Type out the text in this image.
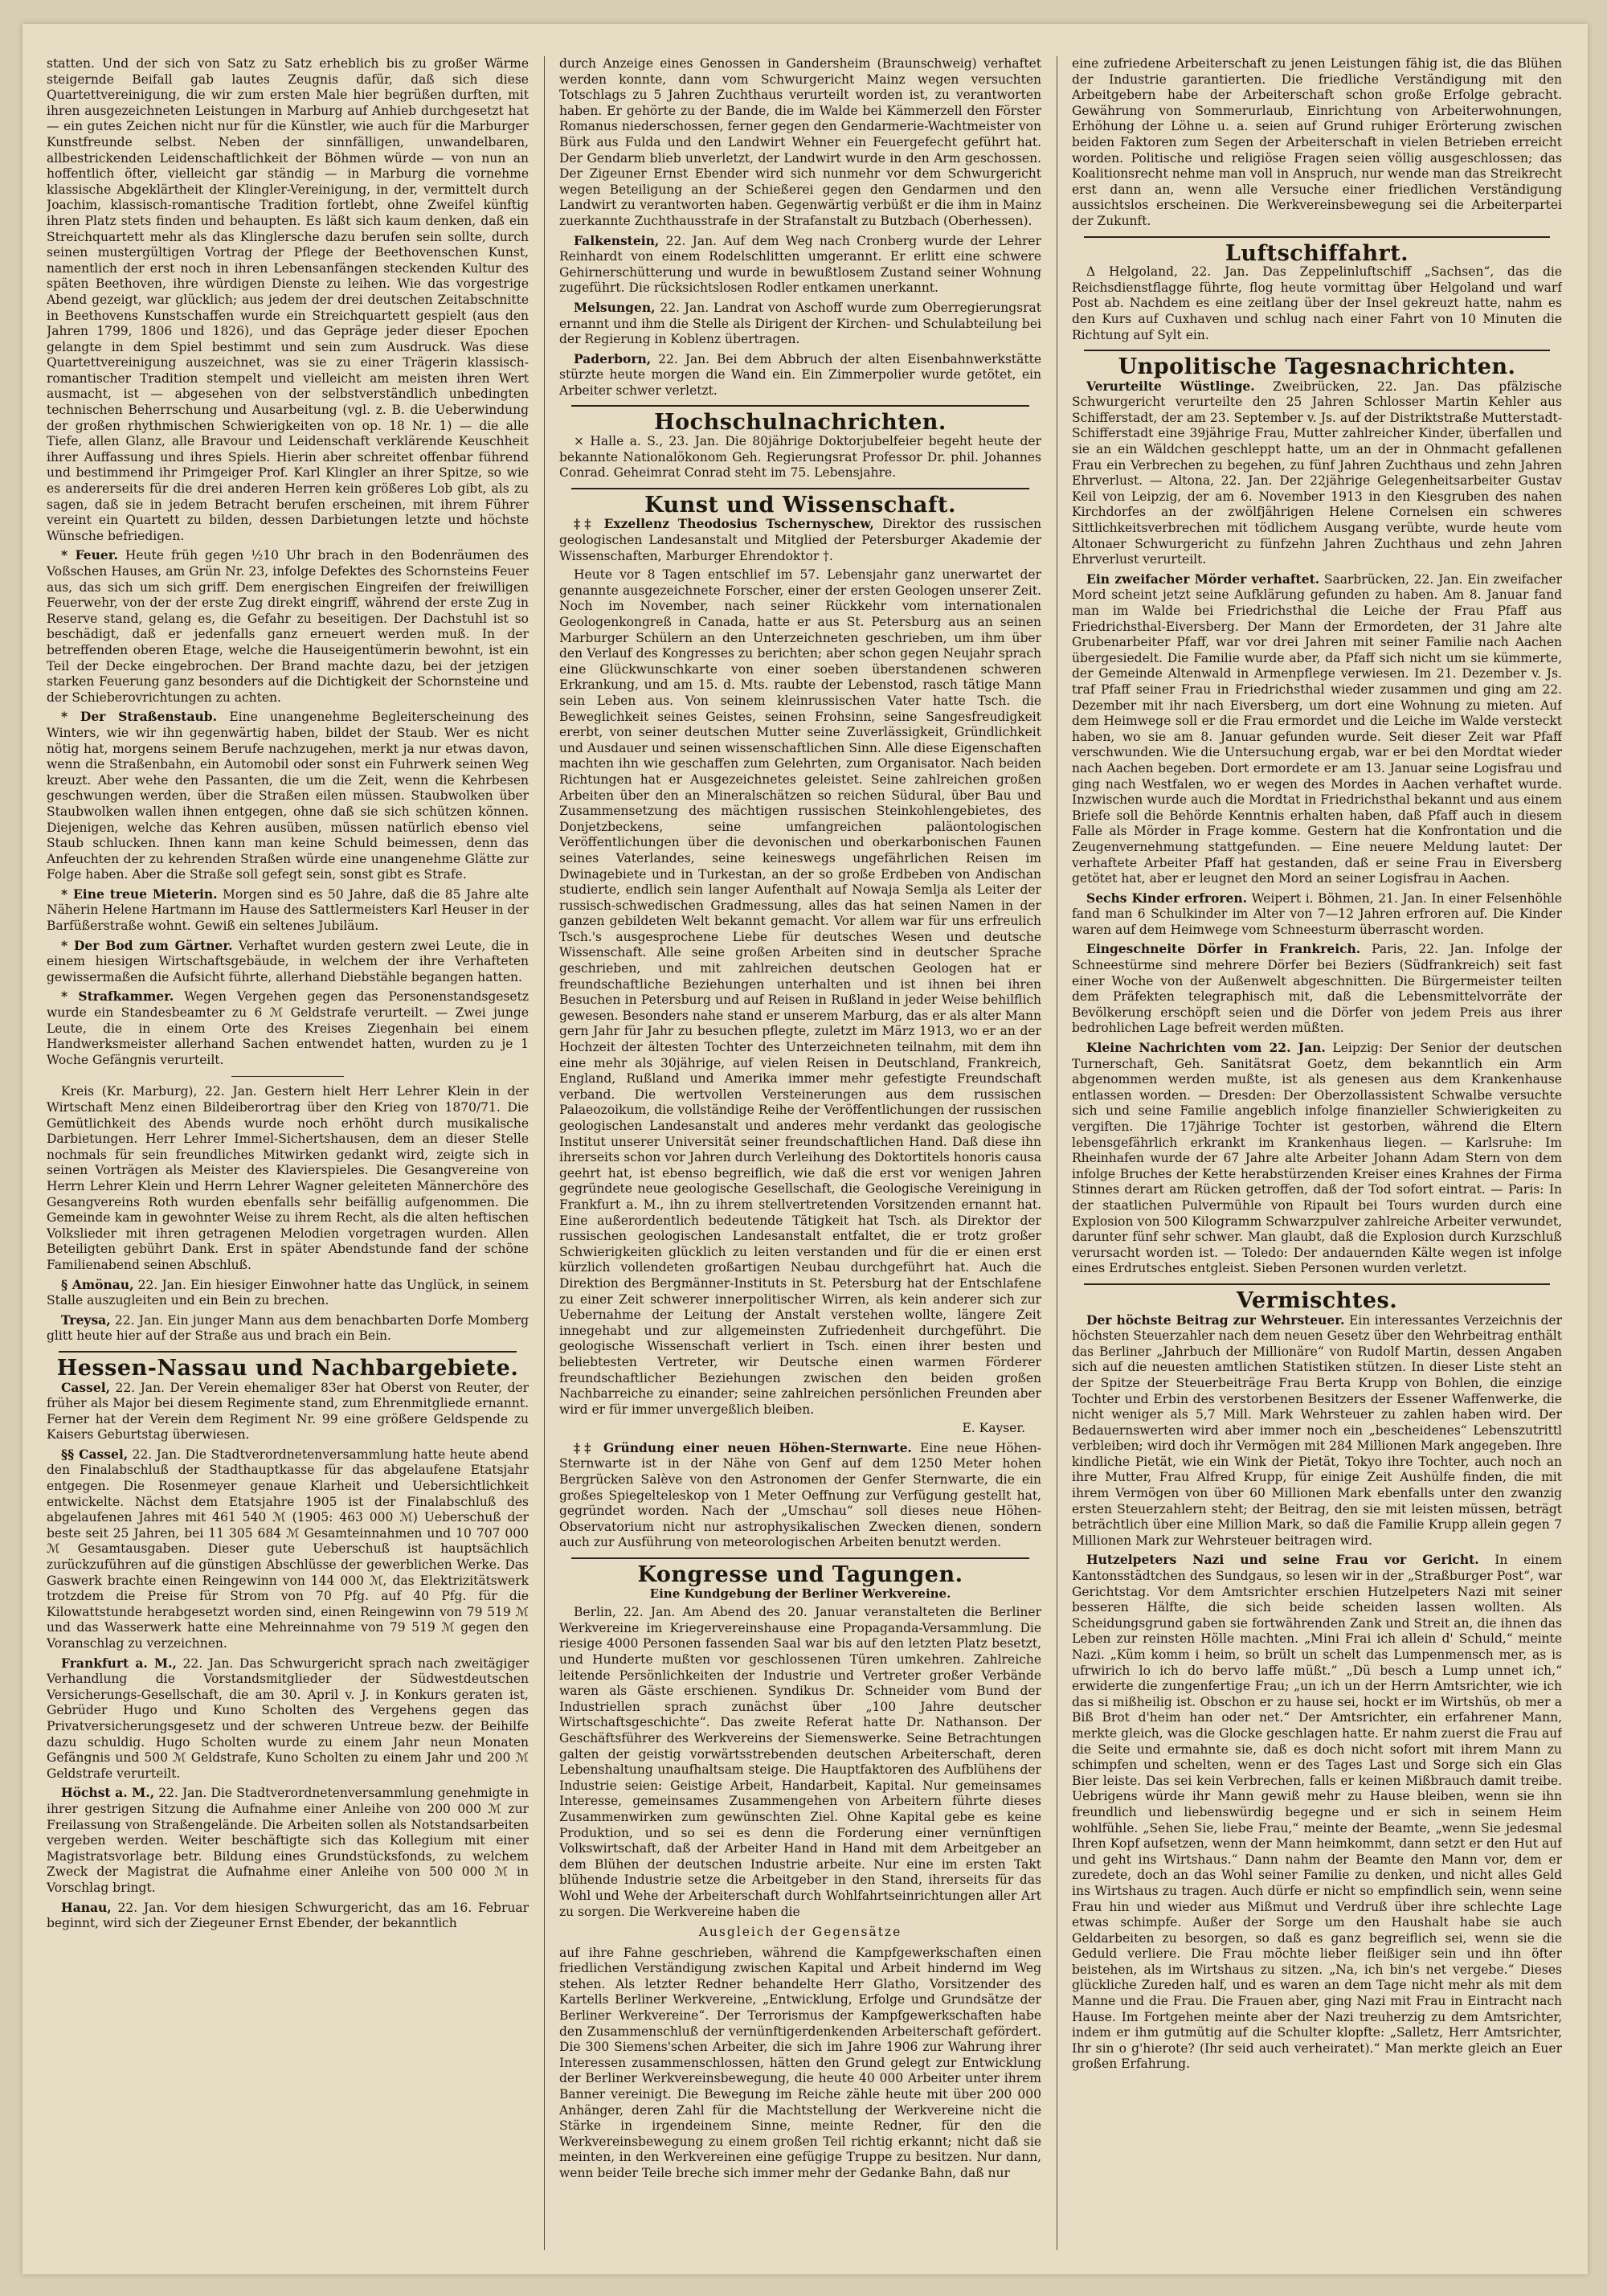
statten. Und der sich von Satz zu Satz erheblich bis zu großer Wärme steigernde Beifall gab lautes Zeugnis dafür, daß sich diese Quartettvereinigung, die wir zum ersten Male hier begrüßen durften, mit ihren ausgezeichneten Leistungen in Marburg auf Anhieb durchgesetzt hat — ein gutes Zeichen nicht nur für die Künstler, wie auch für die Marburger Kunstfreunde selbst. Neben der sinnfälligen, unwandelbaren, allbestrickenden Leidenschaftlichkeit der Böhmen würde — von nun an hoffentlich öfter, vielleicht gar ständig — in Marburg die vornehme klassische Abgeklärtheit der Klingler-Vereinigung, in der, vermittelt durch Joachim, klassisch-romantische Tradition fortlebt, ohne Zweifel künftig ihren Platz stets finden und behaupten. Es läßt sich kaum denken, daß ein Streichquartett mehr als das Klinglersche dazu berufen sein sollte, durch seinen mustergültigen Vortrag der Pflege der Beethovenschen Kunst, namentlich der erst noch in ihren Lebensanfängen steckenden Kultur des späten Beethoven, ihre würdigen Dienste zu leihen. Wie das vorgestrige Abend gezeigt, war glücklich; aus jedem der drei deutschen Zeitabschnitte in Beethovens Kunstschaffen wurde ein Streichquartett gespielt (aus den Jahren 1799, 1806 und 1826), und das Gepräge jeder dieser Epochen gelangte in dem Spiel bestimmt und sein zum Ausdruck. Was diese Quartettvereinigung auszeichnet, was sie zu einer Trägerin klassisch-romantischer Tradition stempelt und vielleicht am meisten ihren Wert ausmacht, ist — abgesehen von der selbstverständlich unbedingten technischen Beherrschung und Ausarbeitung (vgl. z. B. die Ueberwindung der großen rhythmischen Schwierigkeiten von op. 18 Nr. 1) — die alle Tiefe, allen Glanz, alle Bravour und Leidenschaft verklärende Keuschheit ihrer Auffassung und ihres Spiels. Hierin aber schreitet offenbar führend und bestimmend ihr Primgeiger Prof. Karl Klingler an ihrer Spitze, so wie es andererseits für die drei anderen Herren kein größeres Lob gibt, als zu sagen, daß sie in jedem Betracht berufen erscheinen, mit ihrem Führer vereint ein Quartett zu bilden, dessen Darbietungen letzte und höchste Wünsche befriedigen.

* Feuer. Heute früh gegen ½10 Uhr brach in den Bodenräumen des Voßschen Hauses, am Grün Nr. 23, infolge Defektes des Schornsteins Feuer aus, das sich um sich griff. Dem energischen Eingreifen der freiwilligen Feuerwehr, von der der erste Zug direkt eingriff, während der erste Zug in Reserve stand, gelang es, die Gefahr zu beseitigen. Der Dachstuhl ist so beschädigt, daß er jedenfalls ganz erneuert werden muß. In der betreffenden oberen Etage, welche die Hauseigentümerin bewohnt, ist ein Teil der Decke eingebrochen. Der Brand machte dazu, bei der jetzigen starken Feuerung ganz besonders auf die Dichtigkeit der Schornsteine und der Schieberovrichtungen zu achten.

* Der Straßenstaub. Eine unangenehme Begleiterscheinung des Winters, wie wir ihn gegenwärtig haben, bildet der Staub. Wer es nicht nötig hat, morgens seinem Berufe nachzugehen, merkt ja nur etwas davon, wenn die Straßenbahn, ein Automobil oder sonst ein Fuhrwerk seinen Weg kreuzt. Aber wehe den Passanten, die um die Zeit, wenn die Kehrbesen geschwungen werden, über die Straßen eilen müssen. Staubwolken über Staubwolken wallen ihnen entgegen, ohne daß sie sich schützen können. Diejenigen, welche das Kehren ausüben, müssen natürlich ebenso viel Staub schlucken. Ihnen kann man keine Schuld beimessen, denn das Anfeuchten der zu kehrenden Straßen würde eine unangenehme Glätte zur Folge haben. Aber die Straße soll gefegt sein, sonst gibt es Strafe.

* Eine treue Mieterin. Morgen sind es 50 Jahre, daß die 85 Jahre alte Näherin Helene Hartmann im Hause des Sattlermeisters Karl Heuser in der Barfüßerstraße wohnt. Gewiß ein seltenes Jubiläum.

* Der Bod zum Gärtner. Verhaftet wurden gestern zwei Leute, die in einem hiesigen Wirtschaftsgebäude, in welchem der ihre Verhafteten gewissermaßen die Aufsicht führte, allerhand Diebstähle begangen hatten.

* Strafkammer. Wegen Vergehen gegen das Personenstandsgesetz wurde ein Standesbeamter zu 6 ℳ Geldstrafe verurteilt. — Zwei junge Leute, die in einem Orte des Kreises Ziegenhain bei einem Handwerksmeister allerhand Sachen entwendet hatten, wurden zu je 1 Woche Gefängnis verurteilt.

Kreis (Kr. Marburg), 22. Jan. Gestern hielt Herr Lehrer Klein in der Wirtschaft Menz einen Bildeiberortrag über den Krieg von 1870/71. Die Gemütlichkeit des Abends wurde noch erhöht durch musikalische Darbietungen. Herr Lehrer Immel-Sichertshausen, dem an dieser Stelle nochmals für sein freundliches Mitwirken gedankt wird, zeigte sich in seinen Vorträgen als Meister des Klavierspieles. Die Gesangvereine von Herrn Lehrer Klein und Herrn Lehrer Wagner geleiteten Männerchöre des Gesangvereins Roth wurden ebenfalls sehr beifällig aufgenommen. Die Gemeinde kam in gewohnter Weise zu ihrem Recht, als die alten heftischen Volkslieder mit ihren getragenen Melodien vorgetragen wurden. Allen Beteiligten gebührt Dank. Erst in später Abendstunde fand der schöne Familienabend seinen Abschluß.

§ Amönau, 22. Jan. Ein hiesiger Einwohner hatte das Unglück, in seinem Stalle auszugleiten und ein Bein zu brechen.

Treysa, 22. Jan. Ein junger Mann aus dem benachbarten Dorfe Momberg glitt heute hier auf der Straße aus und brach ein Bein.

Hessen-Nassau und Nachbargebiete.

Cassel, 22. Jan. Der Verein ehemaliger 83er hat Oberst von Reuter, der früher als Major bei diesem Regimente stand, zum Ehrenmitgliede ernannt. Ferner hat der Verein dem Regiment Nr. 99 eine größere Geldspende zu Kaisers Geburtstag überwiesen.

§§ Cassel, 22. Jan. Die Stadtverordnetenversammlung hatte heute abend den Finalabschluß der Stadthauptkasse für das abgelaufene Etatsjahr entgegen. Die Rosenmeyer genaue Klarheit und Uebersichtlichkeit entwickelte. Nächst dem Etatsjahre 1905 ist der Finalabschluß des abgelaufenen Jahres mit 461 540 ℳ (1905: 463 000 ℳ) Ueberschuß der beste seit 25 Jahren, bei 11 305 684 ℳ Gesamteinnahmen und 10 707 000 ℳ Gesamtausgaben. Dieser gute Ueberschuß ist hauptsächlich zurückzuführen auf die günstigen Abschlüsse der gewerblichen Werke. Das Gaswerk brachte einen Reingewinn von 144 000 ℳ, das Elektrizitätswerk trotzdem die Preise für Strom von 70 Pfg. auf 40 Pfg. für die Kilowattstunde herabgesetzt worden sind, einen Reingewinn von 79 519 ℳ und das Wasserwerk hatte eine Mehreinnahme von 79 519 ℳ gegen den Voranschlag zu verzeichnen.

Frankfurt a. M., 22. Jan. Das Schwurgericht sprach nach zweitägiger Verhandlung die Vorstandsmitglieder der Südwestdeutschen Versicherungs-Gesellschaft, die am 30. April v. J. in Konkurs geraten ist, Gebrüder Hugo und Kuno Scholten des Vergehens gegen das Privatversicherungsgesetz und der schweren Untreue bezw. der Beihilfe dazu schuldig. Hugo Scholten wurde zu einem Jahr neun Monaten Gefängnis und 500 ℳ Geldstrafe, Kuno Scholten zu einem Jahr und 200 ℳ Geldstrafe verurteilt.

Höchst a. M., 22. Jan. Die Stadtverordnetenversammlung genehmigte in ihrer gestrigen Sitzung die Aufnahme einer Anleihe von 200 000 ℳ zur Freilassung von Straßengelände. Die Arbeiten sollen als Notstandsarbeiten vergeben werden. Weiter beschäftigte sich das Kollegium mit einer Magistratsvorlage betr. Bildung eines Grundstücksfonds, zu welchem Zweck der Magistrat die Aufnahme einer Anleihe von 500 000 ℳ in Vorschlag bringt.

Hanau, 22. Jan. Vor dem hiesigen Schwurgericht, das am 16. Februar beginnt, wird sich der Ziegeuner Ernst Ebender, der bekanntlich

durch Anzeige eines Genossen in Gandersheim (Braunschweig) verhaftet werden konnte, dann vom Schwurgericht Mainz wegen versuchten Totschlags zu 5 Jahren Zuchthaus verurteilt worden ist, zu verantworten haben. Er gehörte zu der Bande, die im Walde bei Kämmerzell den Förster Romanus niederschossen, ferner gegen den Gendarmerie-Wachtmeister von Bürk aus Fulda und den Landwirt Wehner ein Feuergefecht geführt hat. Der Gendarm blieb unverletzt, der Landwirt wurde in den Arm geschossen. Der Zigeuner Ernst Ebender wird sich nunmehr vor dem Schwurgericht wegen Beteiligung an der Schießerei gegen den Gendarmen und den Landwirt zu verantworten haben. Gegenwärtig verbüßt er die ihm in Mainz zuerkannte Zuchthausstrafe in der Strafanstalt zu Butzbach (Oberhessen).

Falkenstein, 22. Jan. Auf dem Weg nach Cronberg wurde der Lehrer Reinhardt von einem Rodelschlitten umgerannt. Er erlitt eine schwere Gehirnerschütterung und wurde in bewußtlosem Zustand seiner Wohnung zugeführt. Die rücksichtslosen Rodler entkamen unerkannt.

Melsungen, 22. Jan. Landrat von Aschoff wurde zum Oberregierungsrat ernannt und ihm die Stelle als Dirigent der Kirchen- und Schulabteilung bei der Regierung in Koblenz übertragen.

Paderborn, 22. Jan. Bei dem Abbruch der alten Eisenbahnwerkstätte stürzte heute morgen die Wand ein. Ein Zimmerpolier wurde getötet, ein Arbeiter schwer verletzt.

Hochschulnachrichten.

× Halle a. S., 23. Jan. Die 80jährige Doktorjubelfeier begeht heute der bekannte Nationalökonom Geh. Regierungsrat Professor Dr. phil. Johannes Conrad. Geheimrat Conrad steht im 75. Lebensjahre.

Kunst und Wissenschaft.

‡‡ Exzellenz Theodosius Tschernyschew, Direktor des russischen geologischen Landesanstalt und Mitglied der Petersburger Akademie der Wissenschaften, Marburger Ehrendoktor †.

Heute vor 8 Tagen entschlief im 57. Lebensjahr ganz unerwartet der genannte ausgezeichnete Forscher, einer der ersten Geologen unserer Zeit. Noch im November, nach seiner Rückkehr vom internationalen Geologenkongreß in Canada, hatte er aus St. Petersburg aus an seinen Marburger Schülern an den Unterzeichneten geschrieben, um ihm über den Verlauf des Kongresses zu berichten; aber schon gegen Neujahr sprach eine Glückwunschkarte von einer soeben überstandenen schweren Erkrankung, und am 15. d. Mts. raubte der Lebenstod, rasch tätige Mann sein Leben aus. Von seinem kleinrussischen Vater hatte Tsch. die Beweglichkeit seines Geistes, seinen Frohsinn, seine Sangesfreudigkeit ererbt, von seiner deutschen Mutter seine Zuverlässigkeit, Gründlichkeit und Ausdauer und seinen wissenschaftlichen Sinn. Alle diese Eigenschaften machten ihn wie geschaffen zum Gelehrten, zum Organisator. Nach beiden Richtungen hat er Ausgezeichnetes geleistet. Seine zahlreichen großen Arbeiten über den an Mineralschätzen so reichen Südural, über Bau und Zusammensetzung des mächtigen russischen Steinkohlengebietes, des Donjetzbeckens, seine umfangreichen paläontologischen Veröffentlichungen über die devonischen und oberkarbonischen Faunen seines Vaterlandes, seine keineswegs ungefährlichen Reisen im Dwinagebiete und in Turkestan, an der so große Erdbeben von Andischan studierte, endlich sein langer Aufenthalt auf Nowaja Semlja als Leiter der russisch-schwedischen Gradmessung, alles das hat seinen Namen in der ganzen gebildeten Welt bekannt gemacht. Vor allem war für uns erfreulich Tsch.'s ausgesprochene Liebe für deutsches Wesen und deutsche Wissenschaft. Alle seine großen Arbeiten sind in deutscher Sprache geschrieben, und mit zahlreichen deutschen Geologen hat er freundschaftliche Beziehungen unterhalten und ist ihnen bei ihren Besuchen in Petersburg und auf Reisen in Rußland in jeder Weise behilflich gewesen. Besonders nahe stand er unserem Marburg, das er als alter Mann gern Jahr für Jahr zu besuchen pflegte, zuletzt im März 1913, wo er an der Hochzeit der ältesten Tochter des Unterzeichneten teilnahm, mit dem ihn eine mehr als 30jährige, auf vielen Reisen in Deutschland, Frankreich, England, Rußland und Amerika immer mehr gefestigte Freundschaft verband. Die wertvollen Versteinerungen aus dem russischen Palaeozoikum, die vollständige Reihe der Veröffentlichungen der russischen geologischen Landesanstalt und anderes mehr verdankt das geologische Institut unserer Universität seiner freundschaftlichen Hand. Daß diese ihn ihrerseits schon vor Jahren durch Verleihung des Doktortitels honoris causa geehrt hat, ist ebenso begreiflich, wie daß die erst vor wenigen Jahren gegründete neue geologische Gesellschaft, die Geologische Vereinigung in Frankfurt a. M., ihn zu ihrem stellvertretenden Vorsitzenden ernannt hat. Eine außerordentlich bedeutende Tätigkeit hat Tsch. als Direktor der russischen geologischen Landesanstalt entfaltet, die er trotz großer Schwierigkeiten glücklich zu leiten verstanden und für die er einen erst kürzlich vollendeten großartigen Neubau durchgeführt hat. Auch die Direktion des Bergmänner-Instituts in St. Petersburg hat der Entschlafene zu einer Zeit schwerer innerpolitischer Wirren, als kein anderer sich zur Uebernahme der Leitung der Anstalt verstehen wollte, längere Zeit innegehabt und zur allgemeinsten Zufriedenheit durchgeführt. Die geologische Wissenschaft verliert in Tsch. einen ihrer besten und beliebtesten Vertreter, wir Deutsche einen warmen Förderer freundschaftlicher Beziehungen zwischen den beiden großen Nachbarreiche zu einander; seine zahlreichen persönlichen Freunden aber wird er für immer unvergeßlich bleiben.

E. Kayser.

‡‡ Gründung einer neuen Höhen-Sternwarte. Eine neue Höhen-Sternwarte ist in der Nähe von Genf auf dem 1250 Meter hohen Bergrücken Salève von den Astronomen der Genfer Sternwarte, die ein großes Spiegelteleskop von 1 Meter Oeffnung zur Verfügung gestellt hat, gegründet worden. Nach der „Umschau“ soll dieses neue Höhen-Observatorium nicht nur astrophysikalischen Zwecken dienen, sondern auch zur Ausführung von meteorologischen Arbeiten benutzt werden.

Kongresse und Tagungen.
Eine Kundgebung der Berliner Werkvereine.

Berlin, 22. Jan. Am Abend des 20. Januar veranstalteten die Berliner Werkvereine im Kriegervereinshause eine Propaganda-Versammlung. Die riesige 4000 Personen fassenden Saal war bis auf den letzten Platz besetzt, und Hunderte mußten vor geschlossenen Türen umkehren. Zahlreiche leitende Persönlichkeiten der Industrie und Vertreter großer Verbände waren als Gäste erschienen. Syndikus Dr. Schneider vom Bund der Industriellen sprach zunächst über „100 Jahre deutscher Wirtschaftsgeschichte“. Das zweite Referat hatte Dr. Nathanson. Der Geschäftsführer des Werkvereins der Siemenswerke. Seine Betrachtungen galten der geistig vorwärtsstrebenden deutschen Arbeiterschaft, deren Lebenshaltung unaufhaltsam steige. Die Hauptfaktoren des Aufblühens der Industrie seien: Geistige Arbeit, Handarbeit, Kapital. Nur gemeinsames Interesse, gemeinsames Zusammengehen von Arbeitern führte dieses Zusammenwirken zum gewünschten Ziel. Ohne Kapital gebe es keine Produktion, und so sei es denn die Forderung einer vernünftigen Volkswirtschaft, daß der Arbeiter Hand in Hand mit dem Arbeitgeber an dem Blühen der deutschen Industrie arbeite. Nur eine im ersten Takt blühende Industrie setze die Arbeitgeber in den Stand, ihrerseits für das Wohl und Wehe der Arbeiterschaft durch Wohlfahrtseinrichtungen aller Art zu sorgen. Die Werkvereine haben die

Ausgleich der Gegensätze

auf ihre Fahne geschrieben, während die Kampfgewerkschaften einen friedlichen Verständigung zwischen Kapital und Arbeit hindernd im Weg stehen. Als letzter Redner behandelte Herr Glatho, Vorsitzender des Kartells Berliner Werkvereine, „Entwicklung, Erfolge und Grundsätze der Berliner Werkvereine“. Der Terrorismus der Kampfgewerkschaften habe den Zusammenschluß der vernünftigerdenkenden Arbeiterschaft gefördert. Die 300 Siemens'schen Arbeiter, die sich im Jahre 1906 zur Wahrung ihrer Interessen zusammenschlossen, hätten den Grund gelegt zur Entwicklung der Berliner Werkvereinsbewegung, die heute 40 000 Arbeiter unter ihrem Banner vereinigt. Die Bewegung im Reiche zähle heute mit über 200 000 Anhänger, deren Zahl für die Machtstellung der Werkvereine nicht die Stärke in irgendeinem Sinne, meinte Redner, für den die Werkvereinsbewegung zu einem großen Teil richtig erkannt; nicht daß sie meinten, in den Werkvereinen eine gefügige Truppe zu besitzen. Nur dann, wenn beider Teile breche sich immer mehr der Gedanke Bahn, daß nur

eine zufriedene Arbeiterschaft zu jenen Leistungen fähig ist, die das Blühen der Industrie garantierten. Die friedliche Verständigung mit den Arbeitgebern habe der Arbeiterschaft schon große Erfolge gebracht. Gewährung von Sommerurlaub, Einrichtung von Arbeiterwohnungen, Erhöhung der Löhne u. a. seien auf Grund ruhiger Erörterung zwischen beiden Faktoren zum Segen der Arbeiterschaft in vielen Betrieben erreicht worden. Politische und religiöse Fragen seien völlig ausgeschlossen; das Koalitionsrecht nehme man voll in Anspruch, nur wende man das Streikrecht erst dann an, wenn alle Versuche einer friedlichen Verständigung aussichtslos erscheinen. Die Werkvereinsbewegung sei die Arbeiterpartei der Zukunft.

Luftschiffahrt.

Δ Helgoland, 22. Jan. Das Zeppelinluftschiff „Sachsen“, das die Reichsdienstflagge führte, flog heute vormittag über Helgoland und warf Post ab. Nachdem es eine zeitlang über der Insel gekreuzt hatte, nahm es den Kurs auf Cuxhaven und schlug nach einer Fahrt von 10 Minuten die Richtung auf Sylt ein.

Unpolitische Tagesnachrichten.

Verurteilte Wüstlinge. Zweibrücken, 22. Jan. Das pfälzische Schwurgericht verurteilte den 25 Jahren Schlosser Martin Kehler aus Schifferstadt, der am 23. September v. Js. auf der Distriktstraße Mutterstadt-Schifferstadt eine 39jährige Frau, Mutter zahlreicher Kinder, überfallen und sie an ein Wäldchen geschleppt hatte, um an der in Ohnmacht gefallenen Frau ein Verbrechen zu begehen, zu fünf Jahren Zuchthaus und zehn Jahren Ehrverlust. — Altona, 22. Jan. Der 22jährige Gelegenheitsarbeiter Gustav Keil von Leipzig, der am 6. November 1913 in den Kiesgruben des nahen Kirchdorfes an der zwölfjährigen Helene Cornelsen ein schweres Sittlichkeitsverbrechen mit tödlichem Ausgang verübte, wurde heute vom Altonaer Schwurgericht zu fünfzehn Jahren Zuchthaus und zehn Jahren Ehrverlust verurteilt.

Ein zweifacher Mörder verhaftet. Saarbrücken, 22. Jan. Ein zweifacher Mord scheint jetzt seine Aufklärung gefunden zu haben. Am 8. Januar fand man im Walde bei Friedrichsthal die Leiche der Frau Pfaff aus Friedrichsthal-Eiversberg. Der Mann der Ermordeten, der 31 Jahre alte Grubenarbeiter Pfaff, war vor drei Jahren mit seiner Familie nach Aachen übergesiedelt. Die Familie wurde aber, da Pfaff sich nicht um sie kümmerte, der Gemeinde Altenwald in Armenpflege verwiesen. Im 21. Dezember v. Js. traf Pfaff seiner Frau in Friedrichsthal wieder zusammen und ging am 22. Dezember mit ihr nach Eiversberg, um dort eine Wohnung zu mieten. Auf dem Heimwege soll er die Frau ermordet und die Leiche im Walde versteckt haben, wo sie am 8. Januar gefunden wurde. Seit dieser Zeit war Pfaff verschwunden. Wie die Untersuchung ergab, war er bei den Mordtat wieder nach Aachen begeben. Dort ermordete er am 13. Januar seine Logisfrau und ging nach Westfalen, wo er wegen des Mordes in Aachen verhaftet wurde. Inzwischen wurde auch die Mordtat in Friedrichsthal bekannt und aus einem Briefe soll die Behörde Kenntnis erhalten haben, daß Pfaff auch in diesem Falle als Mörder in Frage komme. Gestern hat die Konfrontation und die Zeugenvernehmung stattgefunden. — Eine neuere Meldung lautet: Der verhaftete Arbeiter Pfaff hat gestanden, daß er seine Frau in Eiversberg getötet hat, aber er leugnet den Mord an seiner Logisfrau in Aachen.

Sechs Kinder erfroren. Weipert i. Böhmen, 21. Jan. In einer Felsenhöhle fand man 6 Schulkinder im Alter von 7—12 Jahren erfroren auf. Die Kinder waren auf dem Heimwege vom Schneesturm überrascht worden.

Eingeschneite Dörfer in Frankreich. Paris, 22. Jan. Infolge der Schneestürme sind mehrere Dörfer bei Beziers (Südfrankreich) seit fast einer Woche von der Außenwelt abgeschnitten. Die Bürgermeister teilten dem Präfekten telegraphisch mit, daß die Lebensmittelvorräte der Bevölkerung erschöpft seien und die Dörfer von jedem Preis aus ihrer bedrohlichen Lage befreit werden müßten.

Kleine Nachrichten vom 22. Jan. Leipzig: Der Senior der deutschen Turnerschaft, Geh. Sanitätsrat Goetz, dem bekanntlich ein Arm abgenommen werden mußte, ist als genesen aus dem Krankenhause entlassen worden. — Dresden: Der Oberzollassistent Schwalbe versuchte sich und seine Familie angeblich infolge finanzieller Schwierigkeiten zu vergiften. Die 17jährige Tochter ist gestorben, während die Eltern lebensgefährlich erkrankt im Krankenhaus liegen. — Karlsruhe: Im Rheinhafen wurde der 67 Jahre alte Arbeiter Johann Adam Stern von dem infolge Bruches der Kette herabstürzenden Kreiser eines Krahnes der Firma Stinnes derart am Rücken getroffen, daß der Tod sofort eintrat. — Paris: In der staatlichen Pulvermühle von Ripault bei Tours wurden durch eine Explosion von 500 Kilogramm Schwarzpulver zahlreiche Arbeiter verwundet, darunter fünf sehr schwer. Man glaubt, daß die Explosion durch Kurzschluß verursacht worden ist. — Toledo: Der andauernden Kälte wegen ist infolge eines Erdrutsches entgleist. Sieben Personen wurden verletzt.

Vermischtes.

Der höchste Beitrag zur Wehrsteuer. Ein interessantes Verzeichnis der höchsten Steuerzahler nach dem neuen Gesetz über den Wehrbeitrag enthält das Berliner „Jahrbuch der Millionäre“ von Rudolf Martin, dessen Angaben sich auf die neuesten amtlichen Statistiken stützen. In dieser Liste steht an der Spitze der Steuerbeiträge Frau Berta Krupp von Bohlen, die einzige Tochter und Erbin des verstorbenen Besitzers der Essener Waffenwerke, die nicht weniger als 5,7 Mill. Mark Wehrsteuer zu zahlen haben wird. Der Bedauernswerten wird aber immer noch ein „bescheidenes“ Lebenszutrittl verbleiben; wird doch ihr Vermögen mit 284 Millionen Mark angegeben. Ihre kindliche Pietät, wie ein Wink der Pietät, Tokyo ihre Tochter, auch noch an ihre Mutter, Frau Alfred Krupp, für einige Zeit Aushülfe finden, die mit ihrem Vermögen von über 60 Millionen Mark ebenfalls unter den zwanzig ersten Steuerzahlern steht; der Beitrag, den sie mit leisten müssen, beträgt beträchtlich über eine Million Mark, so daß die Familie Krupp allein gegen 7 Millionen Mark zur Wehrsteuer beitragen wird.

Hutzelpeters Nazi und seine Frau vor Gericht. In einem Kantonsstädtchen des Sundgaus, so lesen wir in der „Straßburger Post“, war Gerichtstag. Vor dem Amtsrichter erschien Hutzelpeters Nazi mit seiner besseren Hälfte, die sich beide scheiden lassen wollten. Als Scheidungsgrund gaben sie fortwährenden Zank und Streit an, die ihnen das Leben zur reinsten Hölle machten. „Mini Frai ich allein d' Schuld,“ meinte Nazi. „Küm komm i heim, so brült un schelt das Lumpenmensch mer, as is ufrwirich lo ich do bervo laffe müßt.“ „Dü besch a Lump unnet ich,“ erwiderte die zungenfertige Frau; „un ich un der Herrn Amtsrichter, wie ich das si mißheilig ist. Obschon er zu hause sei, hockt er im Wirtshüs, ob mer a Biß Brot d'heim han oder net.“ Der Amtsrichter, ein erfahrener Mann, merkte gleich, was die Glocke geschlagen hatte. Er nahm zuerst die Frau auf die Seite und ermahnte sie, daß es doch nicht sofort mit ihrem Mann zu schimpfen und schelten, wenn er des Tages Last und Sorge sich ein Glas Bier leiste. Das sei kein Verbrechen, falls er keinen Mißbrauch damit treibe. Uebrigens würde ihr Mann gewiß mehr zu Hause bleiben, wenn sie ihn freundlich und liebenswürdig begegne und er sich in seinem Heim wohlfühle. „Sehen Sie, liebe Frau,“ meinte der Beamte, „wenn Sie jedesmal Ihren Kopf aufsetzen, wenn der Mann heimkommt, dann setzt er den Hut auf und geht ins Wirtshaus.“ Dann nahm der Beamte den Mann vor, dem er zuredete, doch an das Wohl seiner Familie zu denken, und nicht alles Geld ins Wirtshaus zu tragen. Auch dürfe er nicht so empfindlich sein, wenn seine Frau hin und wieder aus Mißmut und Verdruß über ihre schlechte Lage etwas schimpfe. Außer der Sorge um den Haushalt habe sie auch Geldarbeiten zu besorgen, so daß es ganz begreiflich sei, wenn sie die Geduld verliere. Die Frau möchte lieber fleißiger sein und ihn öfter beistehen, als im Wirtshaus zu sitzen. „Na, ich bin's net vergebe.“ Dieses glückliche Zureden half, und es waren an dem Tage nicht mehr als mit dem Manne und die Frau. Die Frauen aber, ging Nazi mit Frau in Eintracht nach Hause. Im Fortgehen meinte aber der Nazi treuherzig zu dem Amtsrichter, indem er ihm gutmütig auf die Schulter klopfte: „Salletz, Herr Amtsrichter, Ihr sin o g'hierote? (Ihr seid auch verheiratet).“ Man merkte gleich an Euer großen Erfahrung.
